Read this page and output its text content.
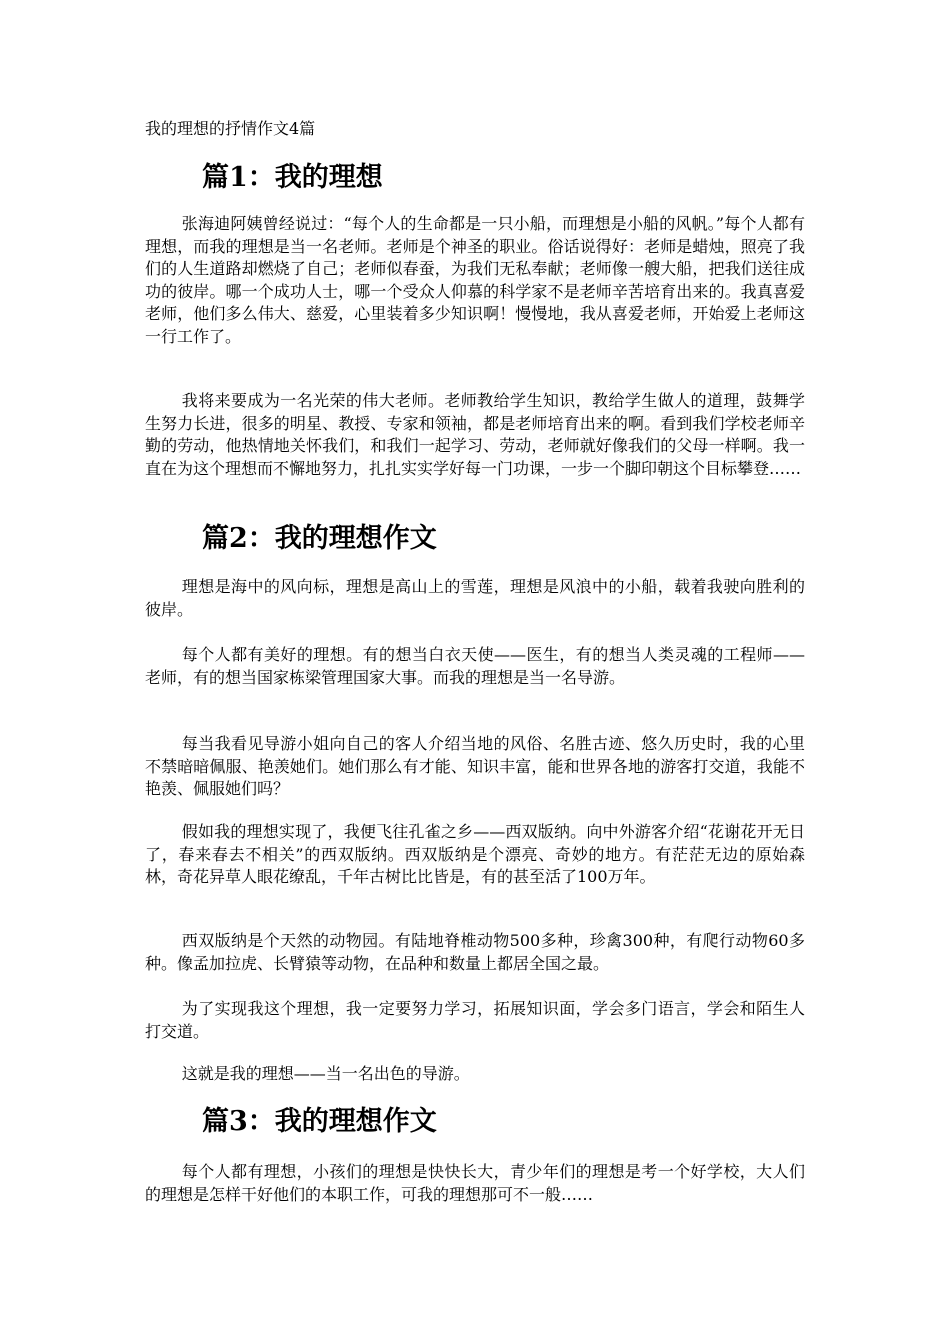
我的理想的抒情作文4篇
篇1：我的理想

张海迪阿姨曾经说过：“每个人的生命都是一只小船，而理想是小船的风帆。”每个人都有理想，而我的理想是当一名老师。老师是个神圣的职业。俗话说得好：老师是蜡烛，照亮了我们的人生道路却燃烧了自己；老师似春蚕，为我们无私奉献；老师像一艘大船，把我们送往成功的彼岸。哪一个成功人士，哪一个受众人仰慕的科学家不是老师辛苦培育出来的。我真喜爱老师，他们多么伟大、慈爱，心里装着多少知识啊！慢慢地，我从喜爱老师，开始爱上老师这一行工作了。

我将来要成为一名光荣的伟大老师。老师教给学生知识，教给学生做人的道理，鼓舞学生努力长进，很多的明星、教授、专家和领袖，都是老师培育出来的啊。看到我们学校老师辛勤的劳动，他热情地关怀我们，和我们一起学习、劳动，老师就好像我们的父母一样啊。我一直在为这个理想而不懈地努力，扎扎实实学好每一门功课，一步一个脚印朝这个目标攀登……

篇2：我的理想作文

理想是海中的风向标，理想是高山上的雪莲，理想是风浪中的小船，载着我驶向胜利的彼岸。

每个人都有美好的理想。有的想当白衣天使——医生，有的想当人类灵魂的工程师——老师，有的想当国家栋梁管理国家大事。而我的理想是当一名导游。

每当我看见导游小姐向自己的客人介绍当地的风俗、名胜古迹、悠久历史时，我的心里不禁暗暗佩服、艳羡她们。她们那么有才能、知识丰富，能和世界各地的游客打交道，我能不艳羡、佩服她们吗？

假如我的理想实现了，我便飞往孔雀之乡——西双版纳。向中外游客介绍“花谢花开无日了，春来春去不相关”的西双版纳。西双版纳是个漂亮、奇妙的地方。有茫茫无边的原始森林，奇花异草人眼花缭乱，千年古树比比皆是，有的甚至活了100万年。

西双版纳是个天然的动物园。有陆地脊椎动物500多种，珍禽300种，有爬行动物60多种。像孟加拉虎、长臂猿等动物，在品种和数量上都居全国之最。

为了实现我这个理想，我一定要努力学习，拓展知识面，学会多门语言，学会和陌生人打交道。

这就是我的理想——当一名出色的导游。

篇3：我的理想作文

每个人都有理想，小孩们的理想是快快长大，青少年们的理想是考一个好学校，大人们的理想是怎样干好他们的本职工作，可我的理想那可不一般……
